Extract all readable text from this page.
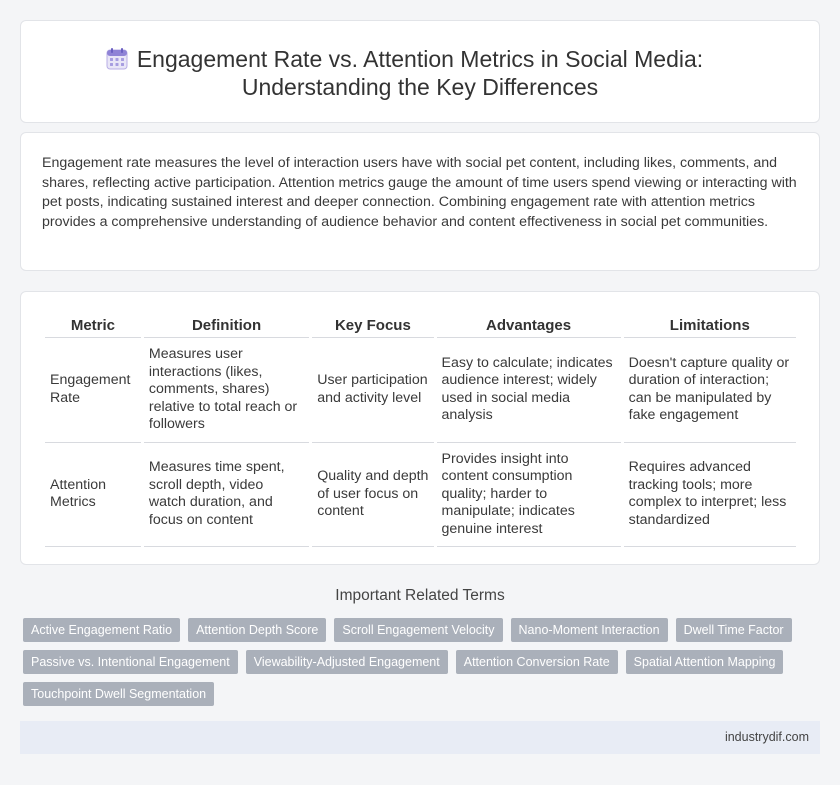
Engagement Rate vs. Attention Metrics in Social Media: Understanding the Key Differences

Engagement rate measures the level of interaction users have with social pet content, including likes, comments, and shares, reflecting active participation. Attention metrics gauge the amount of time users spend viewing or interacting with pet posts, indicating sustained interest and deeper connection. Combining engagement rate with attention metrics provides a comprehensive understanding of audience behavior and content effectiveness in social pet communities.

Metric	Definition	Key Focus	Advantages	Limitations
Engagement Rate	Measures user interactions (likes, comments, shares) relative to total reach or followers	User participation and activity level	Easy to calculate; indicates audience interest; widely used in social media analysis	Doesn't capture quality or duration of interaction; can be manipulated by fake engagement
Attention Metrics	Measures time spent, scroll depth, video watch duration, and focus on content	Quality and depth of user focus on content	Provides insight into content consumption quality; harder to manipulate; indicates genuine interest	Requires advanced tracking tools; more complex to interpret; less standardized
Important Related Terms
Active Engagement Ratio	Attention Depth Score	Scroll Engagement Velocity	Nano-Moment Interaction	Dwell Time Factor
Passive vs. Intentional Engagement	Viewability-Adjusted Engagement	Attention Conversion Rate	Spatial Attention Mapping
Touchpoint Dwell Segmentation
industrydif.com
